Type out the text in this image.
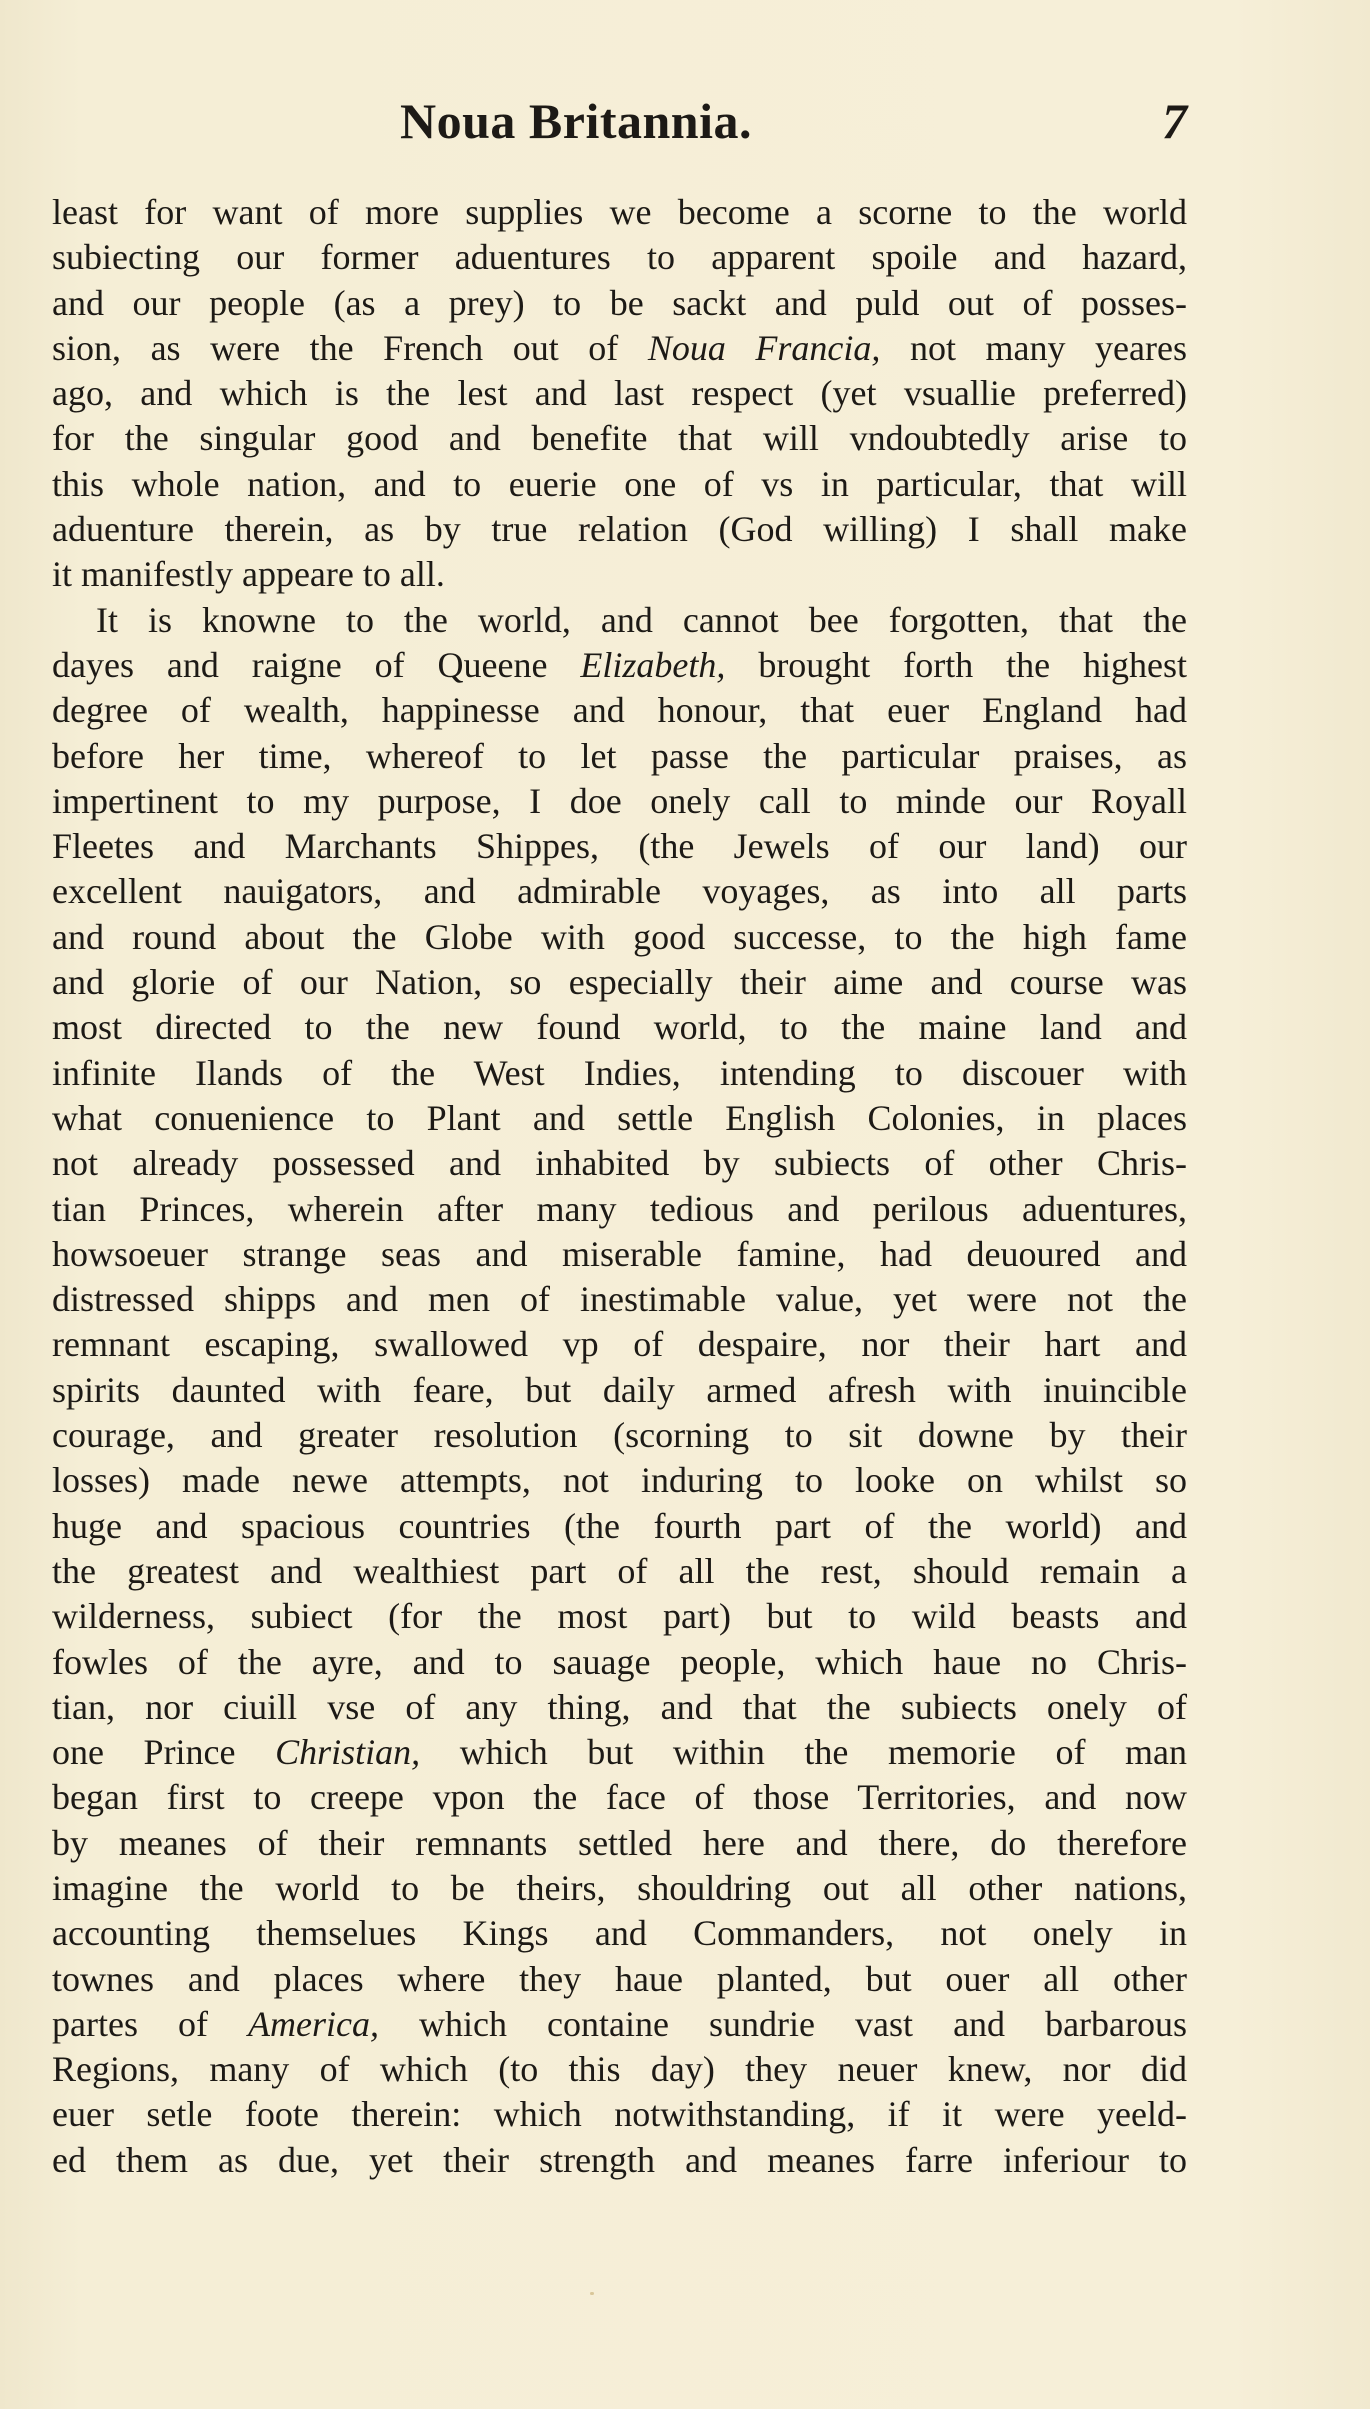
Noua Britannia.	7
least for want of more supplies we become a scorne to the world
subiecting our former aduentures to apparent spoile and hazard,
and our people (as a prey) to be sackt and puld out of posses-
sion, as were the French out of Noua Francia, not many yeares
ago, and which is the lest and last respect (yet vsuallie preferred)
for the singular good and benefite that will vndoubtedly arise to
this whole nation, and to euerie one of vs in particular, that will
aduenture therein, as by true relation (God willing) I shall make
it manifestly appeare to all.
It is knowne to the world, and cannot bee forgotten, that the
dayes and raigne of Queene Elizabeth, brought forth the highest
degree of wealth, happinesse and honour, that euer England had
before her time, whereof to let passe the particular praises, as
impertinent to my purpose, I doe onely call to minde our Royall
Fleetes and Marchants Shippes, (the Jewels of our land) our
excellent nauigators, and admirable voyages, as into all parts
and round about the Globe with good successe, to the high fame
and glorie of our Nation, so especially their aime and course was
most directed to the new found world, to the maine land and
infinite Ilands of the West Indies, intending to discouer with
what conuenience to Plant and settle English Colonies, in places
not already possessed and inhabited by subiects of other Chris-
tian Princes, wherein after many tedious and perilous aduentures,
howsoeuer strange seas and miserable famine, had deuoured and
distressed shipps and men of inestimable value, yet were not the
remnant escaping, swallowed vp of despaire, nor their hart and
spirits daunted with feare, but daily armed afresh with inuincible
courage, and greater resolution (scorning to sit downe by their
losses) made newe attempts, not induring to looke on whilst so
huge and spacious countries (the fourth part of the world) and
the greatest and wealthiest part of all the rest, should remain a
wilderness, subiect (for the most part) but to wild beasts and
fowles of the ayre, and to sauage people, which haue no Chris-
tian, nor ciuill vse of any thing, and that the subiects onely of
one Prince Christian, which but within the memorie of man
began first to creepe vpon the face of those Territories, and now
by meanes of their remnants settled here and there, do therefore
imagine the world to be theirs, shouldring out all other nations,
accounting themselues Kings and Commanders, not onely in
townes and places where they haue planted, but ouer all other
partes of America, which containe sundrie vast and barbarous
Regions, many of which (to this day) they neuer knew, nor did
euer setle foote therein: which notwithstanding, if it were yeeld-
ed them as due, yet their strength and meanes farre inferiour to
